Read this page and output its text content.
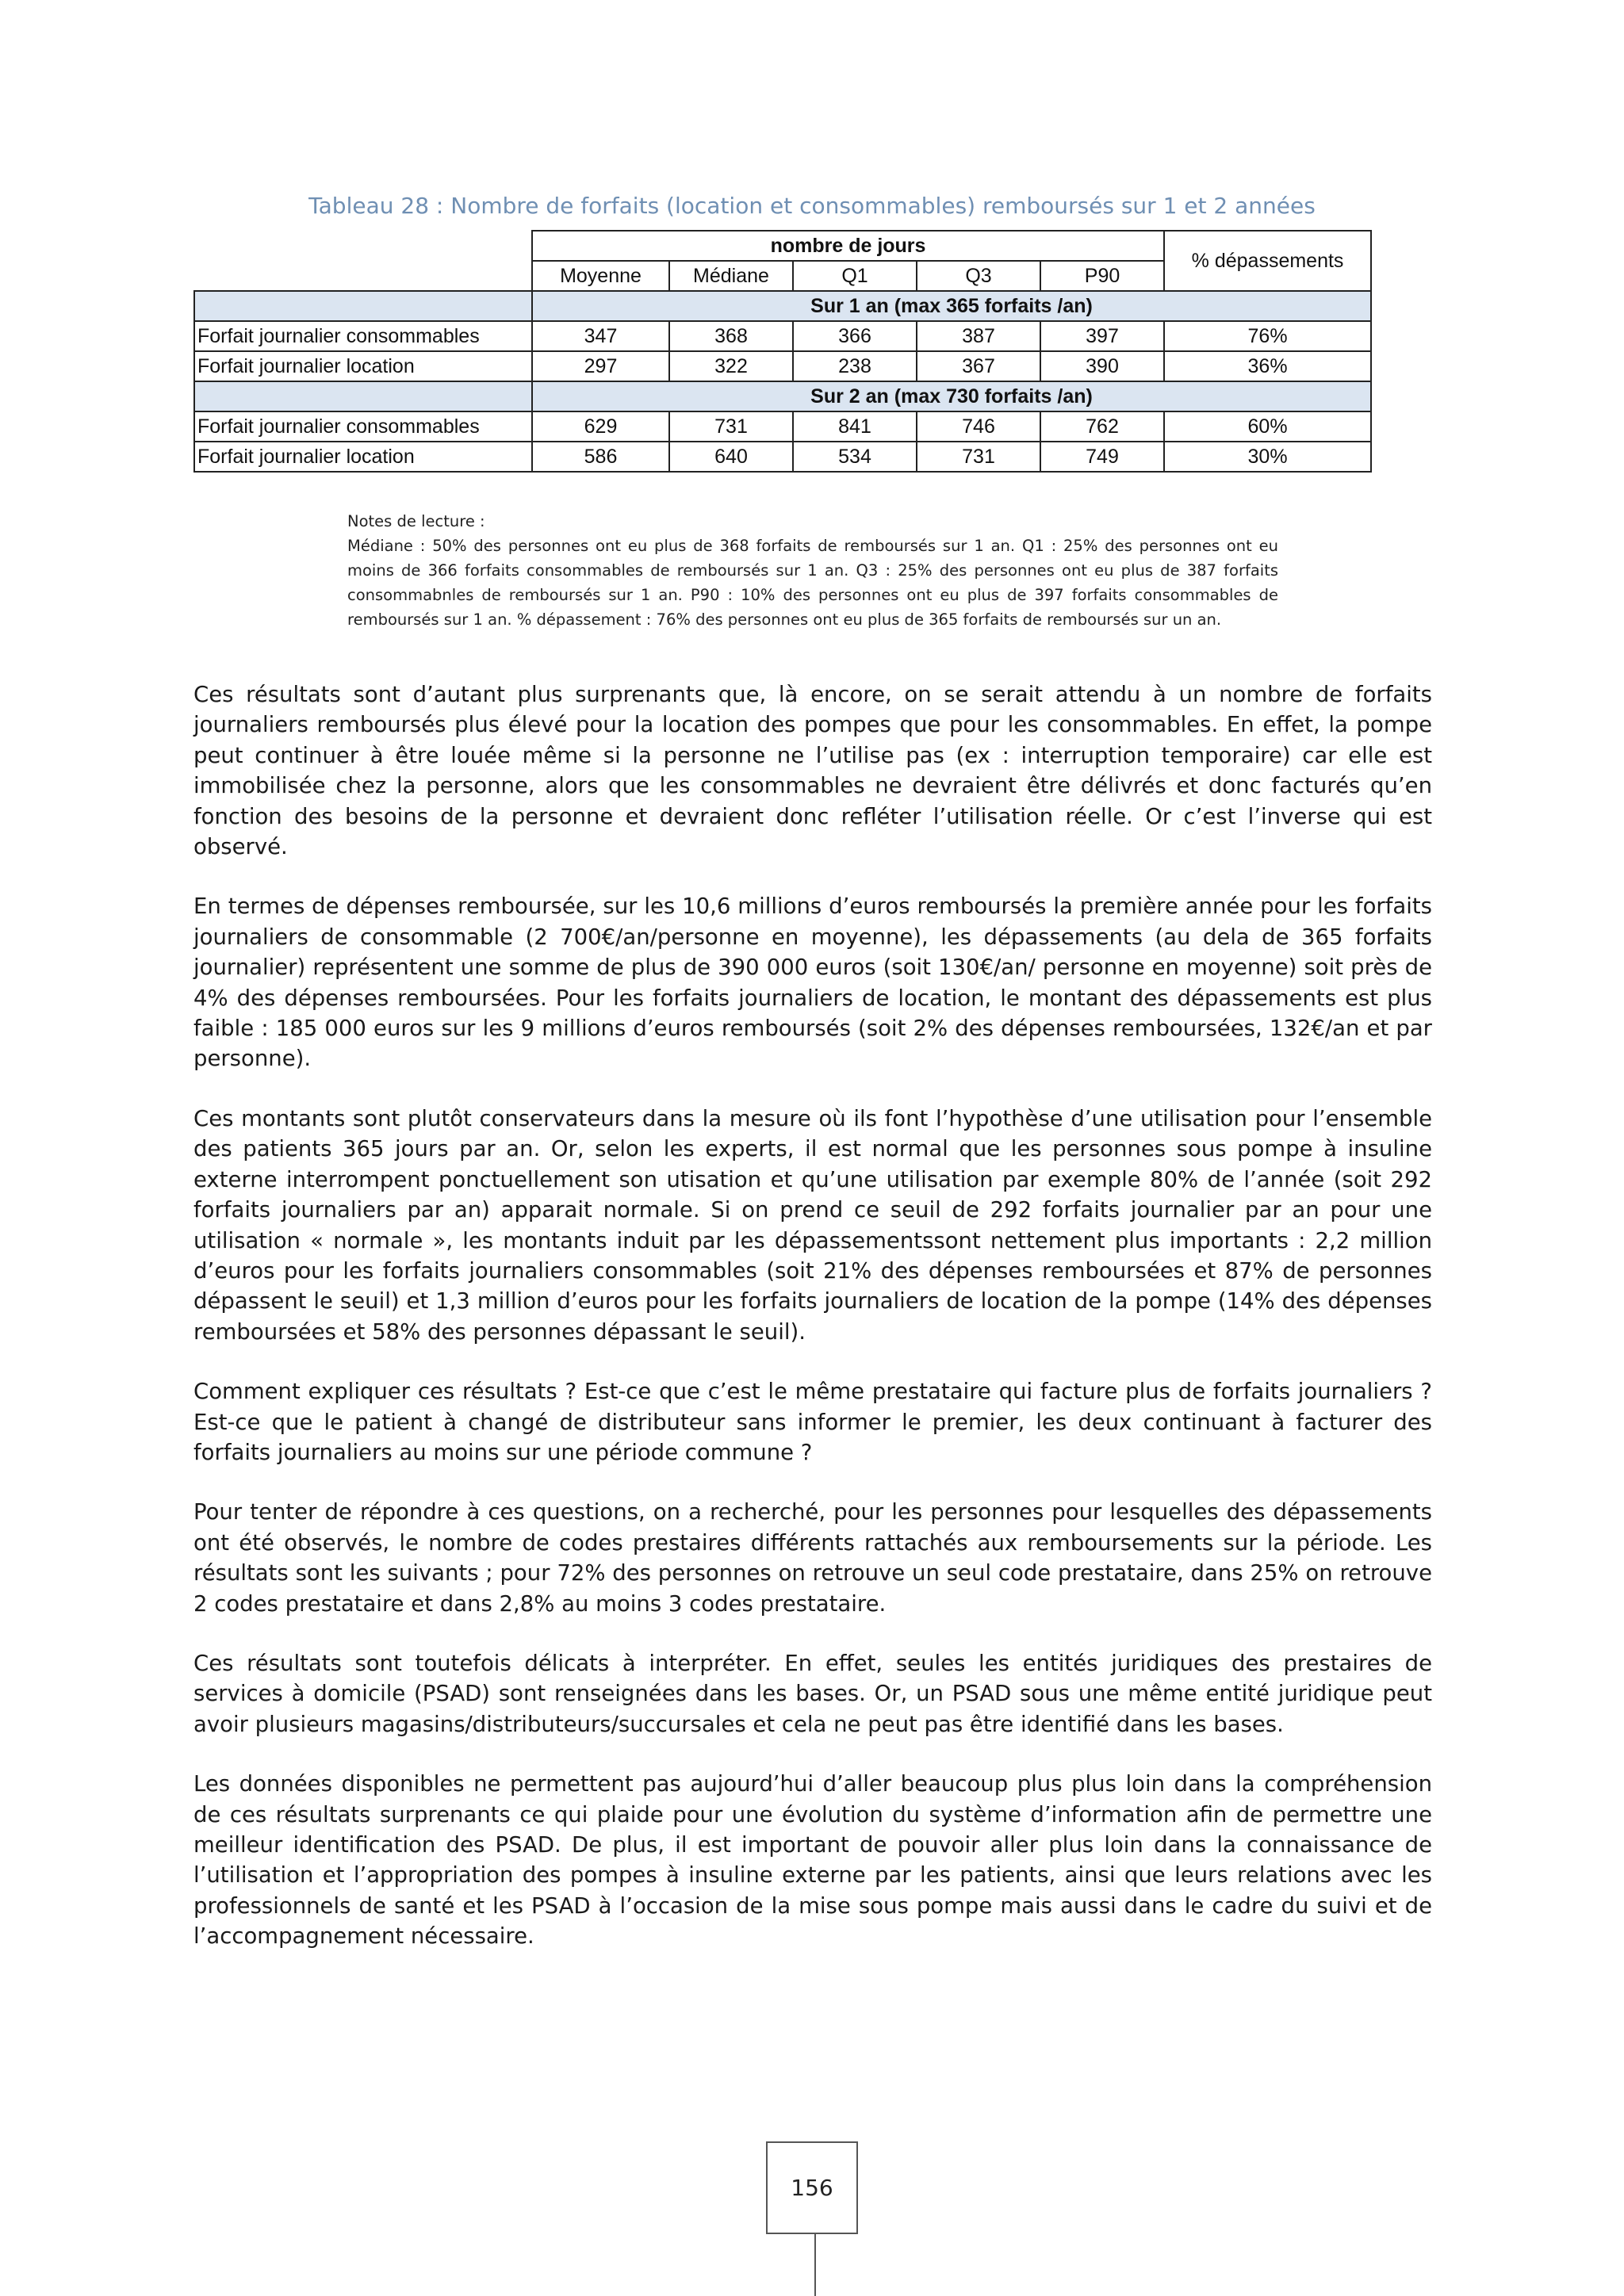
Tableau 28 : Nombre de forfaits (location et consommables) remboursés sur 1 et 2 années
	nombre de jours					% dépassements
	Moyenne	Médiane	Q1	Q3	P90	
	Sur 1 an (max 365 forfaits /an)					
Forfait journalier consommables	347	368	366	387	397	76%
Forfait journalier location	297	322	238	367	390	36%
	Sur 2 an (max 730 forfaits /an)					
Forfait journalier consommables	629	731	841	746	762	60%
Forfait journalier location	586	640	534	731	749	30%

Notes de lecture :

Médiane : 50% des personnes ont eu plus de 368 forfaits de remboursés sur 1 an. Q1 : 25% des personnes ont eu moins de 366 forfaits consommables de remboursés sur 1 an. Q3 : 25% des personnes ont eu plus de 387 forfaits consommabnles de remboursés sur 1 an. P90 : 10% des personnes ont eu plus de 397 forfaits consommables de remboursés sur 1 an. % dépassement : 76% des personnes ont eu plus de 365 forfaits de remboursés sur un an.

Ces résultats sont d’autant plus surprenants que, là encore, on se serait attendu à un nombre de forfaits journaliers remboursés plus élevé pour la location des pompes que pour les consommables. En effet, la pompe peut continuer à être louée même si la personne ne l’utilise pas (ex : interruption temporaire) car elle est immobilisée chez la personne, alors que les consommables ne devraient être délivrés et donc facturés qu’en fonction des besoins de la personne et devraient donc refléter l’utilisation réelle. Or c’est l’inverse qui est observé.

En termes de dépenses remboursée, sur les 10,6 millions d’euros remboursés la première année pour les forfaits journaliers de consommable (2 700€/an/personne en moyenne), les dépassements (au dela de 365 forfaits journalier) représentent une somme de plus de 390 000 euros (soit 130€/an/ personne en moyenne) soit près de 4% des dépenses remboursées. Pour les forfaits journaliers de location, le montant des dépassements est plus faible : 185 000 euros sur les 9 millions d’euros remboursés (soit 2% des dépenses remboursées, 132€/an et par personne).

Ces montants sont plutôt conservateurs dans la mesure où ils font l’hypothèse d’une utilisation pour l’ensemble des patients 365 jours par an. Or, selon les experts, il est normal que les personnes sous pompe à insuline externe interrompent ponctuellement son utisation et qu’une utilisation par exemple 80% de l’année (soit 292 forfaits journaliers par an) apparait normale. Si on prend ce seuil de 292 forfaits journalier par an pour une utilisation « normale », les montants induit par les dépassementssont nettement plus importants : 2,2 million d’euros pour les forfaits journaliers consommables (soit 21% des dépenses remboursées et 87% de personnes dépassent le seuil) et 1,3 million d’euros pour les forfaits journaliers de location de la pompe (14% des dépenses remboursées et 58% des personnes dépassant le seuil).

Comment expliquer ces résultats ? Est-ce que c’est le même prestataire qui facture plus de forfaits journaliers ? Est-ce que le patient à changé de distributeur sans informer le premier, les deux continuant à facturer des forfaits journaliers au moins sur une période commune ?

Pour tenter de répondre à ces questions, on a recherché, pour les personnes pour lesquelles des dépassements ont été observés, le nombre de codes prestaires différents rattachés aux remboursements sur la période. Les résultats sont les suivants ; pour 72% des personnes on retrouve un seul code prestataire, dans 25% on retrouve 2 codes prestataire et dans 2,8% au moins 3 codes prestataire.

Ces résultats sont toutefois délicats à interpréter. En effet, seules les entités juridiques des prestaires de services à domicile (PSAD) sont renseignées dans les bases. Or, un PSAD sous une même entité juridique peut avoir plusieurs magasins/distributeurs/succursales et cela ne peut pas être identifié dans les bases.

Les données disponibles ne permettent pas aujourd’hui d’aller beaucoup plus plus loin dans la compréhension de ces résultats surprenants ce qui plaide pour une évolution du système d’information afin de permettre une meilleur identification des PSAD. De plus, il est important de pouvoir aller plus loin dans la connaissance de l’utilisation et l’appropriation des pompes à insuline externe par les patients, ainsi que leurs relations avec les professionnels de santé et les PSAD à l’occasion de la mise sous pompe mais aussi dans le cadre du suivi et de l’accompagnement nécessaire.

156
